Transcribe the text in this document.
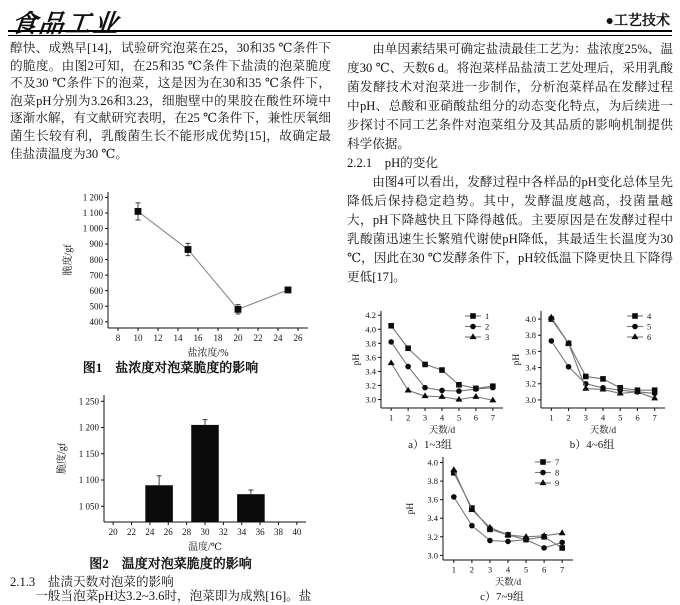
食品工业	●工艺技术
醇快、成熟早[14]，试验研究泡菜在25，30和35 ℃条件下的脆度。由图2可知，在25和35 ℃条件下盐渍的泡菜脆度不及30 ℃条件下的泡菜，这是因为在30和35 ℃条件下，泡菜pH分别为3.26和3.23，细胞壁中的果胶在酸性环境中逐渐水解，有文献研究表明，在25 ℃条件下，兼性厌氧细菌生长较有利，乳酸菌生长不能形成优势[15]，故确定最佳盐渍温度为30 ℃。
8 10 12 14 16 18 20 22 24 26
400
500
600
700
800
900
1 000
1 100
1 200
盐浓度/%
脆度/gf
图1　盐浓度对泡菜脆度的影响
20 22 24 26 28 30 32 34 36 38 40
1 050
1 100
1 150
1 200
1 250
温度/℃
脆度/gf
图2　温度对泡菜脆度的影响
2.1.3　盐渍天数对泡菜的影响
一般当泡菜pH达3.2~3.6时，泡菜即为成熟[16]。盐

由单因素结果可确定盐渍最佳工艺为：盐浓度25%、温度30 ℃、天数6 d。将泡菜样品盐渍工艺处理后，采用乳酸菌发酵技术对泡菜进一步制作，分析泡菜样品在发酵过程中pH、总酸和亚硝酸盐组分的动态变化特点，为后续进一步探讨不同工艺条件对泡菜组分及其品质的影响机制提供科学依据。

2.2.1　pH的变化

由图4可以看出，发酵过程中各样品的pH变化总体呈先降低后保持稳定趋势。其中，发酵温度越高，投菌量越大，pH下降越快且下降得越低。主要原因是在发酵过程中乳酸菌迅速生长繁殖代谢使pH降低，其最适生长温度为30 ℃，因此在30 ℃发酵条件下，pH较低温下降更快且下降得更低[17]。

1 2 3 4 5 6 7
3.0
3.2
3.4
3.6
3.8
4.0
4.2
天数/d
pH
1
2
3
1 2 3 4 5 6 7
3.0
3.2
3.4
3.6
3.8
4.0
天数/d
pH
4
5
6
a）1~3组	b）4~6组
1 2 3 4 5 6 7
3.0
3.2
3.4
3.6
3.8
4.0
天数/d
pH
7
8
9
c）7~9组
